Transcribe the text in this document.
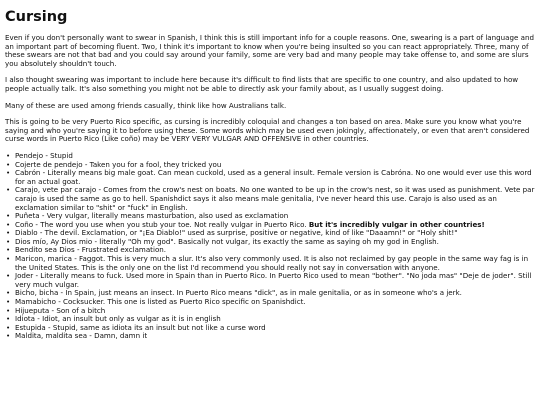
Cursing

Even if you don't personally want to swear in Spanish, I think this is still important info for a couple reasons. One, swearing is a part of language and an important part of becoming fluent. Two, I think it's important to know when you're being insulted so you can react appropriately. Three, many of these swears are not that bad and you could say around your family, some are very bad and many people may take offense to, and some are slurs you absolutely shouldn't touch.

I also thought swearing was important to include here because it's difficult to find lists that are specific to one country, and also updated to how people actually talk. It's also something you might not be able to directly ask your family about, as I usually suggest doing.

Many of these are used among friends casually, think like how Australians talk.

This is going to be very Puerto Rico specific, as cursing is incredibly coloquial and changes a ton based on area. Make sure you know what you're saying and who you're saying it to before using these. Some words which may be used even jokingly, affectionately, or even that aren't considered curse words in Puerto Rico (Like coño) may be VERY VERY VULGAR AND OFFENSIVE in other countries.

• Pendejo - Stupid
• Cojerte de pendejo - Taken you for a fool, they tricked you
• Cabrón - Literally means big male goat. Can mean cuckold, used as a general insult. Female version is Cabróna. No one would ever use this word for an actual goat.
• Carajo, vete par carajo - Comes from the crow's nest on boats. No one wanted to be up in the crow's nest, so it was used as punishment. Vete par carajo is used the same as go to hell. Spanishdict says it also means male genitalia, I've never heard this use. Carajo is also used as an exclamation similar to "shit" or "fuck" in English.
• Puñeta - Very vulgar, literally means masturbation, also used as exclamation
• Coño - The word you use when you stub your toe. Not really vulgar in Puerto Rico. But it's incredibly vulgar in other countries!
• Diablo - The devil. Exclamation, or "¡Ea Diablo!" used as surprise, positive or negative, kind of like "Daaamn!" or "Holy shit!"
• Dios mío, Ay Dios mio - literally "Oh my god". Basically not vulgar, its exactly the same as saying oh my god in English.
• Bendito sea Dios - Frustrated exclamation.
• Maricon, marica - Faggot. This is very much a slur. It's also very commonly used. It is also not reclaimed by gay people in the same way fag is in the United States. This is the only one on the list I'd recommend you should really not say in conversation with anyone.
• Joder - Literally means to fuck. Used more in Spain than in Puerto Rico. In Puerto Rico used to mean "bother". "No joda mas" "Deje de joder". Still very much vulgar.
• Bicho, bicha - In Spain, just means an insect. In Puerto Rico means "dick", as in male genitalia, or as in someone who's a jerk.
• Mamabicho - Cocksucker. This one is listed as Puerto Rico specific on Spanishdict.
• Hijueputa - Son of a bitch
• Idiota - Idiot, an insult but only as vulgar as it is in english
• Estupida - Stupid, same as idiota its an insult but not like a curse word
• Maldita, maldita sea - Damn, damn it
